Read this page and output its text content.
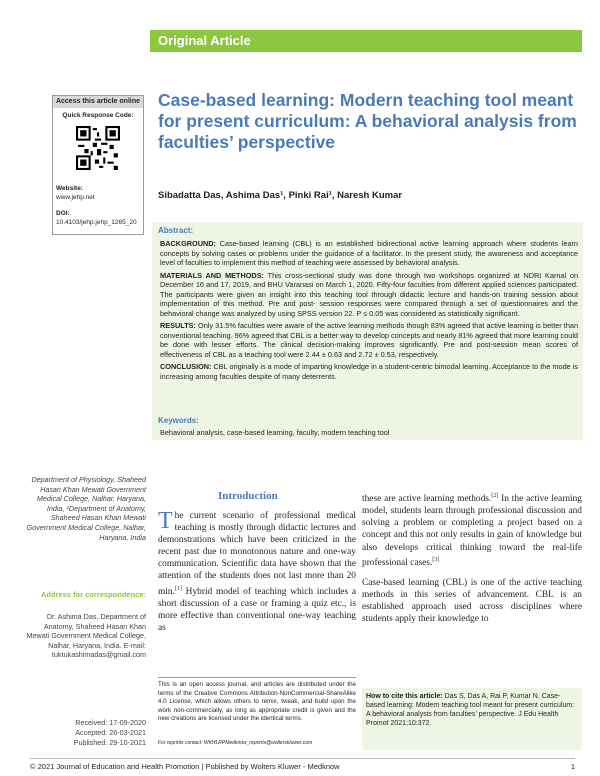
Original Article
Access this article online
Quick Response Code:
Website:
www.jehp.net
DOI:
10.4103/jehp.jehp_1265_20
Case-based learning: Modern teaching tool meant for present curriculum: A behavioral analysis from faculties’ perspective
Sibadatta Das, Ashima Das¹, Pinki Rai¹, Naresh Kumar
Abstract:

BACKGROUND: Case-based learning (CBL) is an established bidirectional active learning approach where students learn concepts by solving cases or problems under the guidance of a facilitator. In the present study, the awareness and acceptance level of faculties to implement this method of teaching were assessed by behavioral analysis.

MATERIALS AND METHODS: This cross-sectional study was done through two workshops organized at NDRI Karnal on December 16 and 17, 2019, and BHU Varanasi on March 1, 2020. Fifty-four faculties from different applied sciences participated. The participants were given an insight into this teaching tool through didactic lecture and hands-on training session about implementation of this method. Pre and post- session responses were compared through a set of questionnaires and the behavioral change was analyzed by using SPSS version 22. P ≤ 0.05 was considered as statistically significant.

RESULTS: Only 31.5% faculties were aware of the active learning methods though 83% agreed that active learning is better than conventional teaching. 96% agreed that CBL is a better way to develop concepts and nearly 81% agreed that more learning could be done with lesser efforts. The clinical decision-making improves significantly. Pre and post-session mean scores of effectiveness of CBL as a teaching tool were 2.44 ± 0.63 and 2.72 ± 0.53, respectively.

CONCLUSION: CBL originally is a mode of imparting knowledge in a student-centric bimodal learning. Acceptance to the mode is increasing among faculties despite of many deterrents.

Keywords:
Behavioral analysis, case-based learning, faculty, modern teaching tool
Department of Physiology, Shaheed Hasan Khan Mewati Government Medical College, Nalhar, Haryana, India, ¹Department of Anatomy, Shaheed Hasan Khan Mewati Government Medical College, Nalhar, Haryana, India
Address for correspondence:
Dr. Ashima Das, Department of Anatomy, Shaheed Hasan Khan Mewati Government Medical College, Nalhar, Haryana, India. E-mail: tuktukashimadas@gmail.com
Received: 17-09-2020
Accepted: 26-03-2021
Published: 29-10-2021
Introduction
The current scenario of professional medical teaching is mostly through didactic lectures and demonstrations which have been criticized in the recent past due to monotonous nature and one-way communication. Scientific data have shown that the attention of the students does not last more than 20 min.[1] Hybrid model of teaching which includes a short discussion of a case or framing a quiz etc., is more effective than conventional one-way teaching as

these are active learning methods.[2] In the active learning model, students learn through professional discussion and solving a problem or completing a project based on a concept and this not only results in gain of knowledge but also develops critical thinking toward the real-life professional cases.[3]

Case-based learning (CBL) is one of the active teaching methods in this series of advancement. CBL is an established approach used across disciplines where students apply their knowledge to

This is an open access journal, and articles are distributed under the terms of the Creative Commons Attribution-NonCommercial-ShareAlike 4.0 License, which allows others to remix, tweak, and build upon the work non-commercially, as long as appropriate credit is given and the new creations are licensed under the identical terms.
For reprints contact: WKHLRPMedknow_reprints@wolterskluwer.com
How to cite this article: Das S, Das A, Rai P, Kumar N. Case-based learning: Modern teaching tool meant for present curriculum: A behavioral analysis from faculties’ perspective. J Edu Health Promot 2021;10:372.
© 2021 Journal of Education and Health Promotion | Published by Wolters Kluwer - Medknow	1
